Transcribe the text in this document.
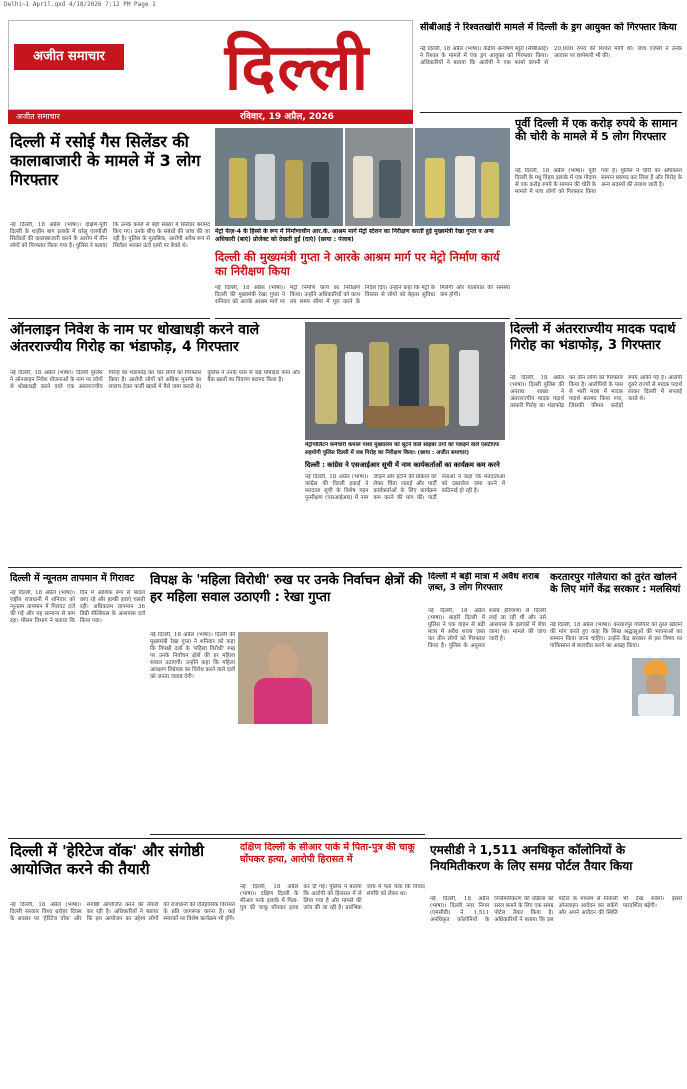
Delhi~1 April.qxd 4/18/2026 7:12 PM Page 1
अजीत समाचार	दिल्ली
अजीत समाचार	रविवार, 19 अप्रैल, 2026
सीबीआई ने रिश्वतखोरी मामले में दिल्ली के ड्रग आयुक्त को गिरफ्तार किया
नई दिल्ली, 18 अप्रैल (भाषा)। केंद्रीय अन्वेषण ब्यूरो (सीबीआई) ने रिश्वत के मामले में एक ड्रग आयुक्त को गिरफ्तार किया। अधिकारियों ने बताया कि आरोपी ने एक फार्मा कंपनी से 20,000 रुपये की रिश्वत मांगी थी। जांच एजेंसी ने उनके आवास पर छापेमारी भी की।
दिल्ली में रसोई गैस सिलेंडर की कालाबाजारी के मामले में 3 लोग गिरफ्तार
नई दिल्ली, 18 अप्रैल (भाषा)। दक्षिण-पूर्वी दिल्ली के शाहीन बाग इलाके में घरेलू एलपीजी सिलेंडरों की कालाबाजारी करने के आरोप में तीन लोगों को गिरफ्तार किया गया है। पुलिस ने बताया कि उनके कब्जे से बड़ी संख्या में सिलेंडर बरामद किए गए। उनके बीच के संबंधों की जांच की जा रही है। पुलिस के मुताबिक, आरोपी अवैध रूप से सिलेंडर भरकर ऊंचे दामों पर बेचते थे।
मेट्रो फेज़-4 के हिस्से के रूप में निर्माणाधीन आर.के. आश्रम मार्ग मेट्रो स्टेशन का निरीक्षण करतीं हुई मुख्यमंत्री रेखा गुप्ता व अन्य अधिकारी (बाएं) प्रोजेक्ट को देखती हुईं (दाएं) (छाया : पंजाब)
दिल्ली की मुख्यमंत्री गुप्ता ने आरके आश्रम मार्ग पर मेट्रो निर्माण कार्य का निरीक्षण किया
नई दिल्ली, 18 अप्रैल (भाषा)। दिल्ली की मुख्यमंत्री रेखा गुप्ता ने शनिवार को आरके आश्रम मार्ग पर मेट्रो निर्माण कार्य का निरीक्षण किया। उन्होंने अधिकारियों को काम तय समय सीमा में पूरा करने के निर्देश दिए। उन्होंने कहा कि मेट्रो के विस्तार से लोगों को बेहतर सुविधा मिलेगी और यातायात की समस्या कम होगी।
पूर्वी दिल्ली में एक करोड़ रुपये के सामान की चोरी के मामले में 5 लोग गिरफ्तार
नई दिल्ली, 18 अप्रैल (भाषा)। पूर्वी दिल्ली के मधु विहार इलाके में एक गोदाम से एक करोड़ रुपये के सामान की चोरी के मामले में पांच लोगों को गिरफ्तार किया गया है। पुलिस ने चोरी का अधिकांश सामान बरामद कर लिया है और गिरोह के अन्य सदस्यों की तलाश जारी है।
ऑनलाइन निवेश के नाम पर धोखाधड़ी करने वाले अंतरराज्यीय गिरोह का भंडाफोड़, 4 गिरफ्तार
नई दिल्ली, 18 अप्रैल (भाषा)। दिल्ली पुलिस ने ऑनलाइन निवेश योजनाओं के नाम पर लोगों से धोखाधड़ी करने वाले एक अंतरराज्यीय गिरोह का भंडाफोड़ कर चार लोगों को गिरफ्तार किया है। आरोपी लोगों को अधिक मुनाफे का लालच देकर फर्जी खातों में पैसे जमा कराते थे। पुलिस ने उनके पास से कई मोबाइल फोन और बैंक खातों का विवरण बरामद किया है।
मेट्रोपॉलिटन कर्मचारी कमाल पाशा मुख्यालय को लूटने वाले साइबर ठगों को पकड़ने वाले एसटीएफ सहयोगी पुलिस दिल्ली में जब गिरोह का निरीक्षण किया। (छाया : अजीत समाचार)
दिल्ली : कांग्रेस ने एसआईआर सूची में नाम कार्यकर्ताओं का कार्यक्रम कम करने
नई दिल्ली, 18 अप्रैल (भाषा)। कांग्रेस की दिल्ली इकाई ने मतदाता सूची के विशेष गहन पुनरीक्षण (एसआईआर) में नाम जोड़ने और हटाने की प्रक्रिया को लेकर चिंता जताई और पार्टी कार्यकर्ताओं के लिए कार्यक्रम कम करने की मांग की। पार्टी नेताओं ने कहा कि मतदाताओं को दस्तावेज जमा करने में कठिनाई हो रही है।
दिल्ली में अंतरराज्यीय मादक पदार्थ गिरोह का भंडाफोड़, 3 गिरफ्तार
नई दिल्ली, 18 अप्रैल (भाषा)। दिल्ली पुलिस की अपराध शाखा ने अंतरराज्यीय मादक पदार्थ तस्करी गिरोह का भंडाफोड़ कर तीन लोगों को गिरफ्तार किया है। आरोपियों के पास से भारी मात्रा में मादक पदार्थ बरामद किया गया, जिसकी कीमत करोड़ों रुपये आंकी गई है। आरोपी दूसरे राज्यों से मादक पदार्थ लाकर दिल्ली में सप्लाई करते थे।
दिल्ली में न्यूनतम तापमान में गिरावट
नई दिल्ली, 18 अप्रैल (भाषा)। राष्ट्रीय राजधानी में शनिवार को न्यूनतम तापमान में गिरावट दर्ज की गई और यह सामान्य से कम रहा। मौसम विभाग ने बताया कि दिन में आंशिक रूप से बादल छाए रहे और हल्की हवाएं चलती रहीं। अधिकतम तापमान 36 डिग्री सेल्सियस के आसपास दर्ज किया गया।
विपक्ष के 'महिला विरोधी' रुख पर उनके निर्वाचन क्षेत्रों की हर महिला सवाल उठाएगी : रेखा गुप्ता
नई दिल्ली, 18 अप्रैल (भाषा)। दिल्ली की मुख्यमंत्री रेखा गुप्ता ने शनिवार को कहा कि विपक्षी दलों के 'महिला विरोधी' रुख पर उनके निर्वाचन क्षेत्रों की हर महिला सवाल उठाएगी। उन्होंने कहा कि महिला आरक्षण विधेयक का विरोध करने वाले दलों को जनता जवाब देगी।
दिल्ली में बड़ी मात्रा में अवैध शराब ज़ब्त, 3 लोग गिरफ्तार
नई दिल्ली, 18 अप्रैल (भाषा)। बाहरी दिल्ली में पुलिस ने एक वाहन से बड़ी मात्रा में अवैध शराब ज़ब्त कर तीन लोगों को गिरफ्तार किया है। पुलिस के अनुसार शराब हरियाणा से दिल्ली लाई जा रही थी और उसे आसपास के इलाकों में बेचा जाना था। मामले की जांच जारी है।
करतारपुर गलियारा को तुरंत खोलने के लिए मांगें केंद्र सरकार : मलसियां
नई दिल्ली, 18 अप्रैल (भाषा)। करतारपुर गलियारे को तुरंत खोलने की मांग करते हुए कहा कि सिख श्रद्धालुओं की भावनाओं का सम्मान किया जाना चाहिए। उन्होंने केंद्र सरकार से इस विषय पर पाकिस्तान से बातचीत करने का आग्रह किया।
दिल्ली में 'हेरिटेज वॉक' और संगोष्ठी आयोजित करने की तैयारी
नई दिल्ली, 18 अप्रैल (भाषा)। दिल्ली सरकार विश्व धरोहर दिवस के अवसर पर 'हेरिटेज वॉक' और संगोष्ठी आयोजित करने की तैयारी कर रही है। अधिकारियों ने बताया कि इस आयोजन का उद्देश्य लोगों को राजधानी की ऐतिहासिक विरासत के प्रति जागरूक करना है। कई स्मारकों पर विशेष कार्यक्रम भी होंगे।
दक्षिण दिल्ली के सीआर पार्क में पिता-पुत्र की चाकू घोंपकर हत्या, आरोपी हिरासत में
नई दिल्ली, 18 अप्रैल (भाषा)। दक्षिण दिल्ली के सीआर पार्क इलाके में पिता-पुत्र की चाकू घोंपकर हत्या कर दी गई। पुलिस ने बताया कि आरोपी को हिरासत में ले लिया गया है और मामले की जांच की जा रही है। प्रारंभिक जांच में पता चला कि विवाद संपत्ति को लेकर था।
एमसीडी ने 1,511 अनधिकृत कॉलोनियों के नियमितीकरण के लिए समग्र पोर्टल तैयार किया
नई दिल्ली, 18 अप्रैल (भाषा)। दिल्ली नगर निगम (एमसीडी) ने 1,511 अनधिकृत कॉलोनियों के नियमितीकरण की प्रक्रिया को सरल बनाने के लिए एक समग्र पोर्टल तैयार किया है। अधिकारियों ने बताया कि इस पोर्टल के माध्यम से निवासी ऑनलाइन आवेदन कर सकेंगे और अपने आवेदन की स्थिति भी देख सकेंगे। इससे पारदर्शिता बढ़ेगी।
